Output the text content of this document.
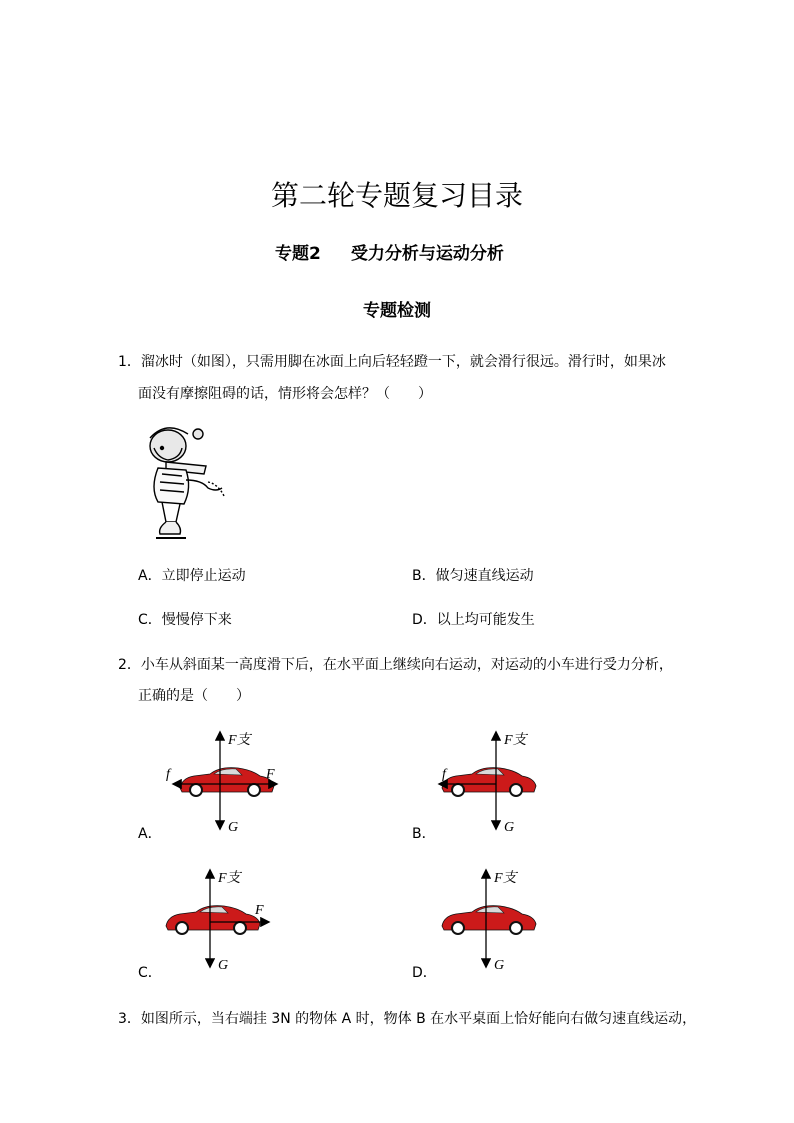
第二轮专题复习目录
专题2 受力分析与运动分析
专题检测
1．溜冰时（如图），只需用脚在冰面上向后轻轻蹬一下，就会滑行很远。滑行时，如果冰
面没有摩擦阻碍的话，情形将会怎样？（　　）
A．立即停止运动	B．做匀速直线运动
C．慢慢停下来	D．以上均可能发生
2．小车从斜面某一高度滑下后，在水平面上继续向右运动，对运动的小车进行受力分析，
正确的是（　　）
F支
G
f	F
A．
F支
G
f
B．
F支
G
F
C．
F支
G
D．
3．如图所示，当右端挂 3N 的物体 A 时，物体 B 在水平桌面上恰好能向右做匀速直线运动，
